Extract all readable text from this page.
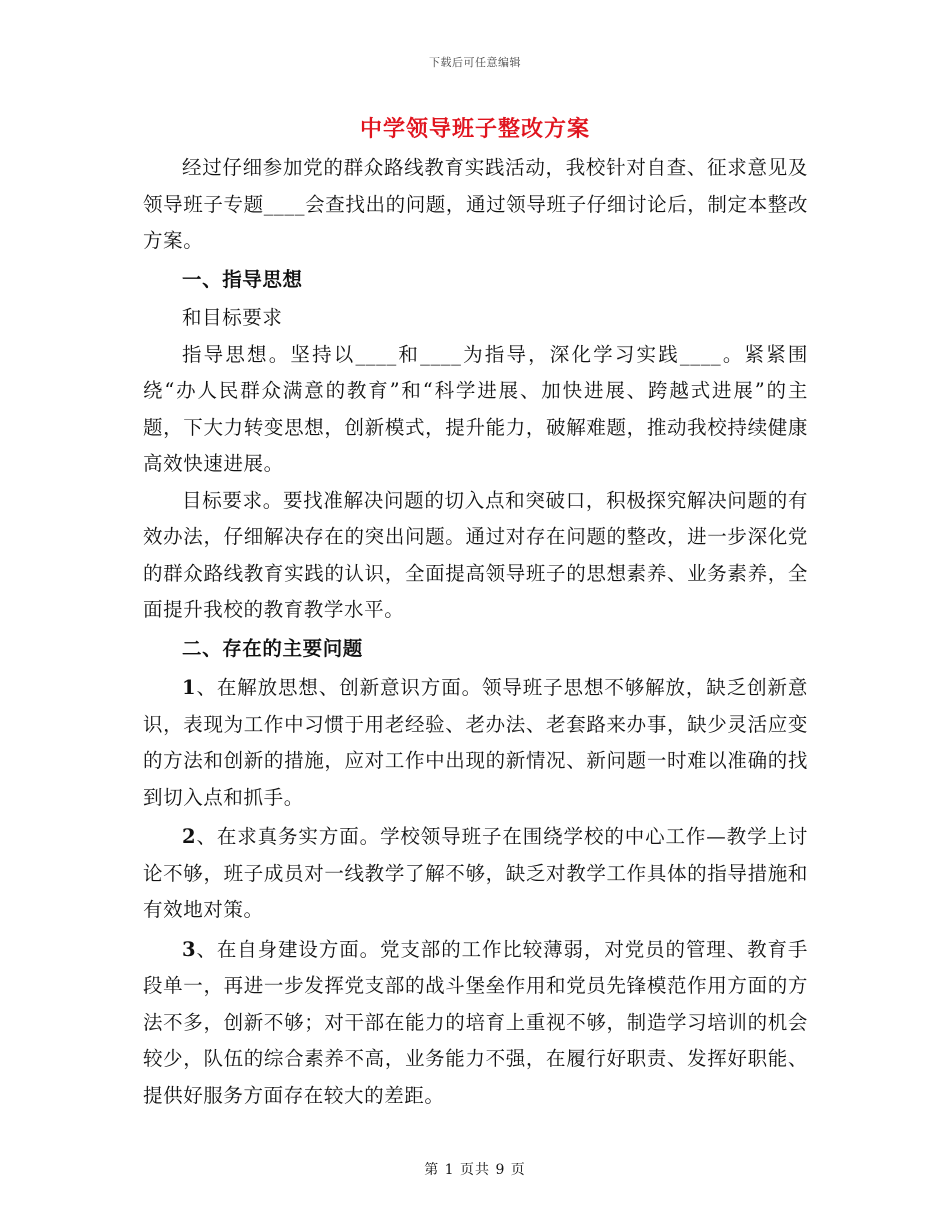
下载后可任意编辑
中学领导班子整改方案

经过仔细参加党的群众路线教育实践活动，我校针对自查、征求意见及领导班子专题____会查找出的问题，通过领导班子仔细讨论后，制定本整改方案。

一、指导思想

和目标要求

指导思想。坚持以____和____为指导，深化学习实践____。紧紧围绕“办人民群众满意的教育”和“科学进展、加快进展、跨越式进展”的主题，下大力转变思想，创新模式，提升能力，破解难题，推动我校持续健康高效快速进展。

目标要求。要找准解决问题的切入点和突破口，积极探究解决问题的有效办法，仔细解决存在的突出问题。通过对存在问题的整改，进一步深化党的群众路线教育实践的认识，全面提高领导班子的思想素养、业务素养，全面提升我校的教育教学水平。

二、存在的主要问题

1、在解放思想、创新意识方面。领导班子思想不够解放，缺乏创新意识，表现为工作中习惯于用老经验、老办法、老套路来办事，缺少灵活应变的方法和创新的措施，应对工作中出现的新情况、新问题一时难以准确的找到切入点和抓手。

2、在求真务实方面。学校领导班子在围绕学校的中心工作—教学上讨论不够，班子成员对一线教学了解不够，缺乏对教学工作具体的指导措施和有效地对策。

3、在自身建设方面。党支部的工作比较薄弱，对党员的管理、教育手段单一，再进一步发挥党支部的战斗堡垒作用和党员先锋模范作用方面的方法不多，创新不够；对干部在能力的培育上重视不够，制造学习培训的机会较少，队伍的综合素养不高，业务能力不强，在履行好职责、发挥好职能、提供好服务方面存在较大的差距。

第 1 页共 9 页
